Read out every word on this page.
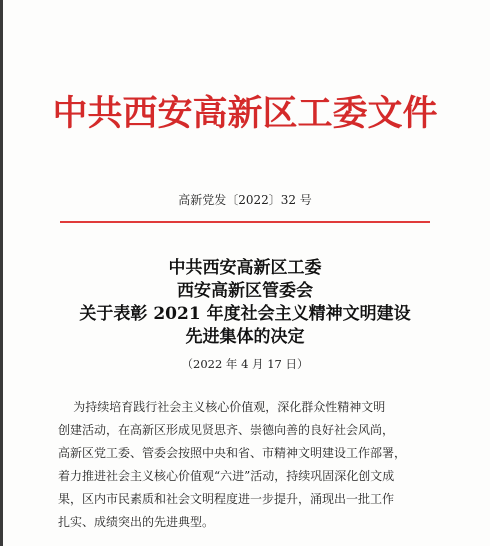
中共西安高新区工委文件
高新党发〔2022〕32 号
中共西安高新区工委
西安高新区管委会
关于表彰 2021 年度社会主义精神文明建设
先进集体的决定
（2022 年 4 月 17 日）
为持续培育践行社会主义核心价值观，深化群众性精神文明
创建活动，在高新区形成见贤思齐、崇德向善的良好社会风尚，
高新区党工委、管委会按照中央和省、市精神文明建设工作部署，
着力推进社会主义核心价值观“六进”活动，持续巩固深化创文成
果，区内市民素质和社会文明程度进一步提升，涌现出一批工作
扎实、成绩突出的先进典型。
